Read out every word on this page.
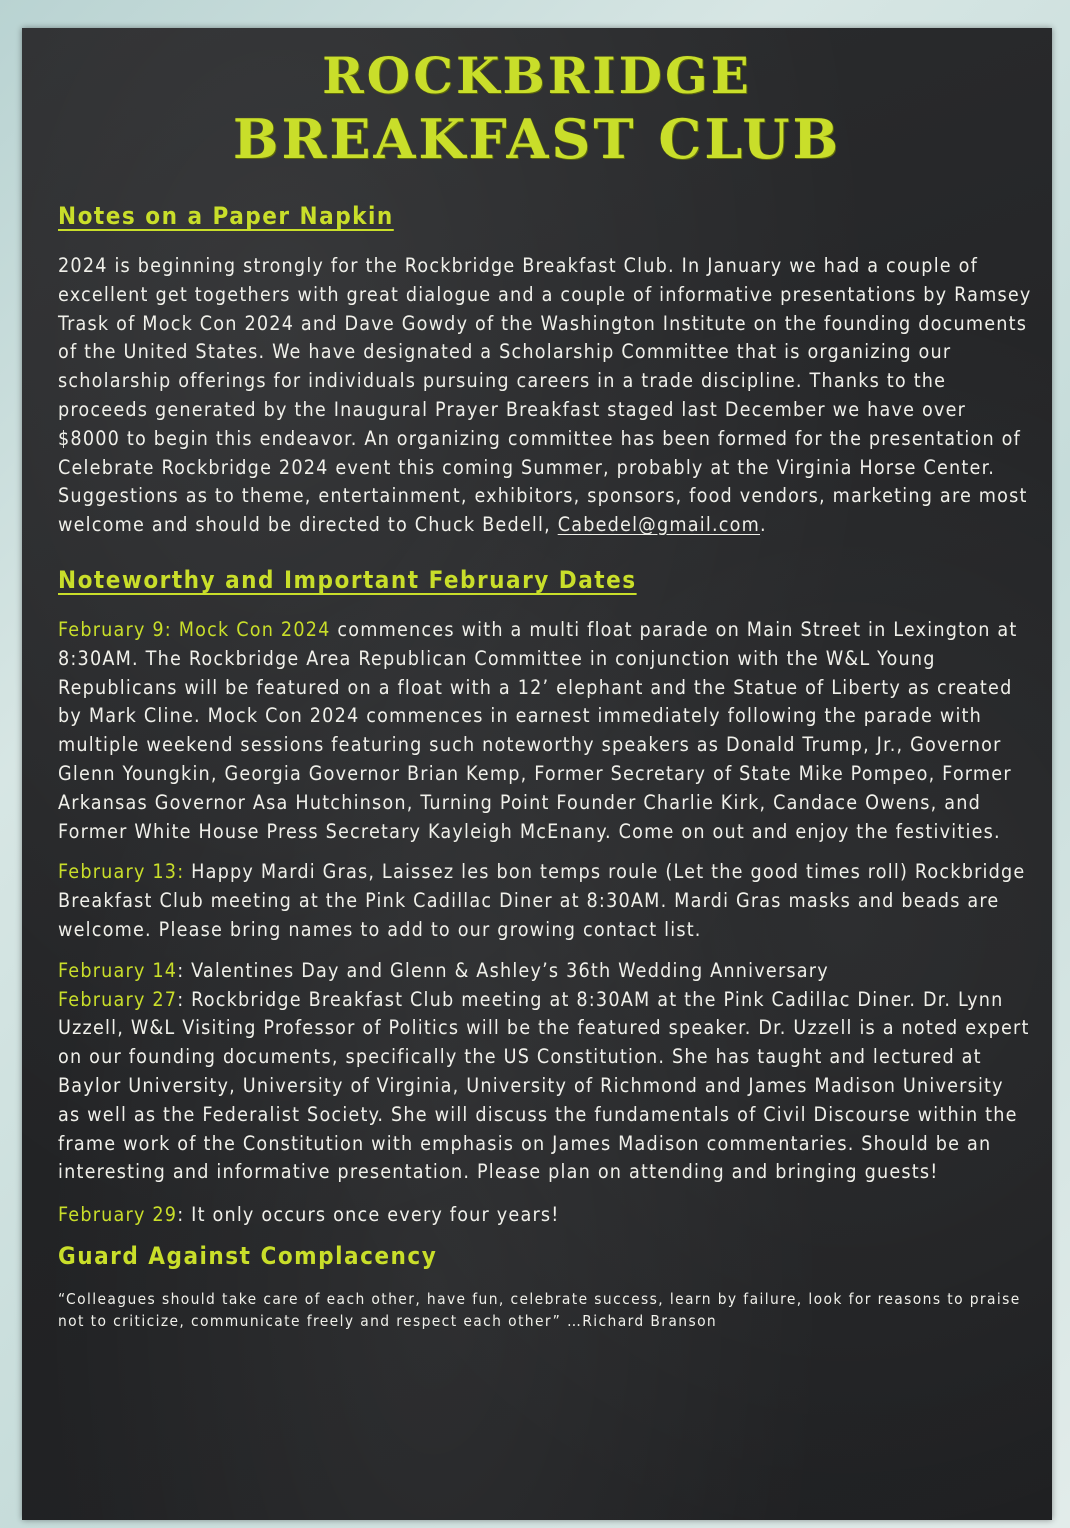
ROCKBRIDGE
BREAKFAST CLUB
Notes on a Paper Napkin

2024 is beginning strongly for the Rockbridge Breakfast Club. In January we had a couple of excellent get togethers with great dialogue and a couple of informative presentations by Ramsey Trask of Mock Con 2024 and Dave Gowdy of the Washington Institute on the founding documents of the United States. We have designated a Scholarship Committee that is organizing our scholarship offerings for individuals pursuing careers in a trade discipline. Thanks to the proceeds generated by the Inaugural Prayer Breakfast staged last December we have over $8000 to begin this endeavor. An organizing committee has been formed for the presentation of Celebrate Rockbridge 2024 event this coming Summer, probably at the Virginia Horse Center. Suggestions as to theme, entertainment, exhibitors, sponsors, food vendors, marketing are most welcome and should be directed to Chuck Bedell, Cabedel@gmail.com.

Noteworthy and Important February Dates

February 9: Mock Con 2024 commences with a multi float parade on Main Street in Lexington at 8:30AM. The Rockbridge Area Republican Committee in conjunction with the W&L Young Republicans will be featured on a float with a 12’ elephant and the Statue of Liberty as created by Mark Cline. Mock Con 2024 commences in earnest immediately following the parade with multiple weekend sessions featuring such noteworthy speakers as Donald Trump, Jr., Governor Glenn Youngkin, Georgia Governor Brian Kemp, Former Secretary of State Mike Pompeo, Former Arkansas Governor Asa Hutchinson, Turning Point Founder Charlie Kirk, Candace Owens, and Former White House Press Secretary Kayleigh McEnany. Come on out and enjoy the festivities.

February 13: Happy Mardi Gras, Laissez les bon temps roule (Let the good times roll) Rockbridge Breakfast Club meeting at the Pink Cadillac Diner at 8:30AM. Mardi Gras masks and beads are welcome. Please bring names to add to our growing contact list.

February 14: Valentines Day and Glenn & Ashley’s 36th Wedding Anniversary

February 27: Rockbridge Breakfast Club meeting at 8:30AM at the Pink Cadillac Diner. Dr. Lynn Uzzell, W&L Visiting Professor of Politics will be the featured speaker. Dr. Uzzell is a noted expert on our founding documents, specifically the US Constitution. She has taught and lectured at Baylor University, University of Virginia, University of Richmond and James Madison University as well as the Federalist Society. She will discuss the fundamentals of Civil Discourse within the frame work of the Constitution with emphasis on James Madison commentaries. Should be an interesting and informative presentation. Please plan on attending and bringing guests!

February 29: It only occurs once every four years!

Guard Against Complacency

“Colleagues should take care of each other, have fun, celebrate success, learn by failure, look for reasons to praise not to criticize, communicate freely and respect each other” …Richard Branson
